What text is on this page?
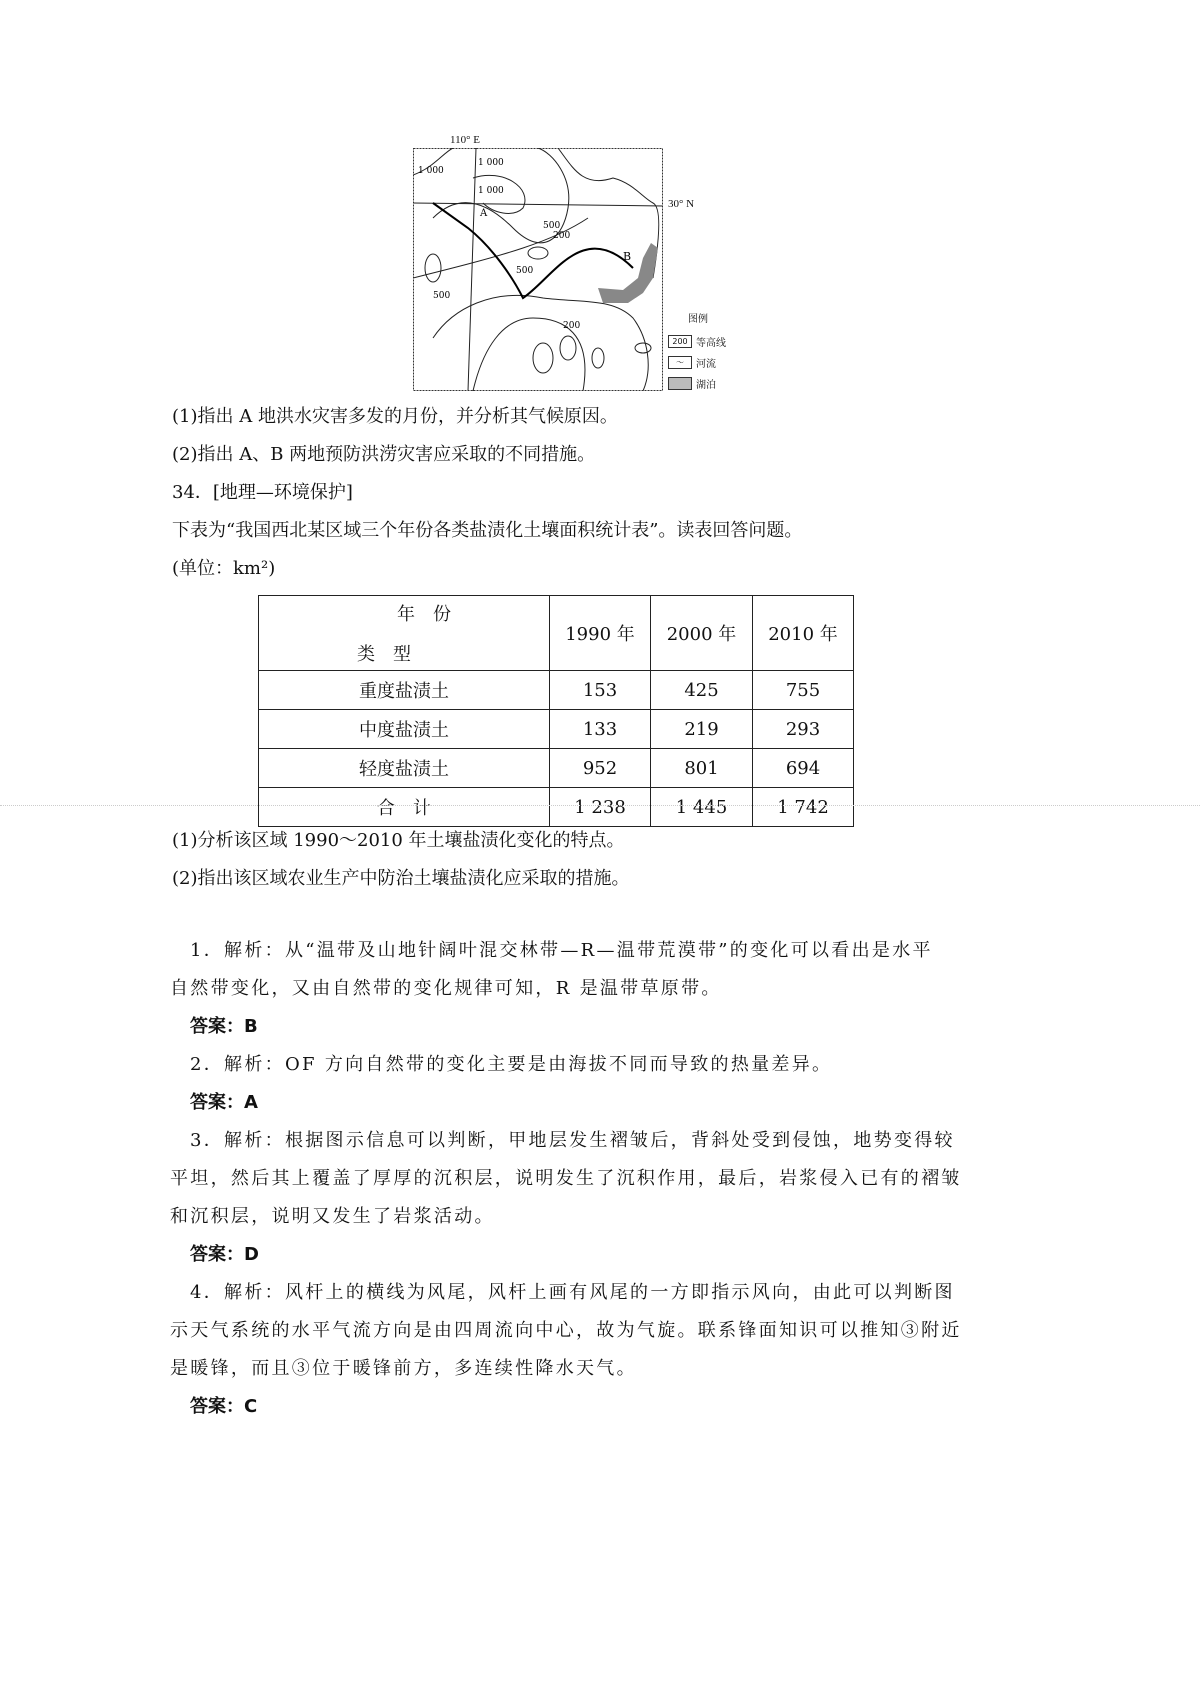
110° E
30° N
A
B
1 000
1 000
1 000
500
200
500
500
200
图例
200 等高线
〜	河流
湖泊
(1)指出 A 地洪水灾害多发的月份，并分析其气候原因。
(2)指出 A、B 两地预防洪涝灾害应采取的不同措施。
34．[地理—环境保护]
下表为“我国西北某区域三个年份各类盐渍化土壤面积统计表”。读表回答问题。
(单位：km²)
年　份
类　型	1990 年	2000 年	2010 年
重度盐渍土	153	425	755
中度盐渍土	133	219	293
轻度盐渍土	952	801	694
合　计	1 238	1 445	1 742
(1)分析该区域 1990～2010 年土壤盐渍化变化的特点。
(2)指出该区域农业生产中防治土壤盐渍化应采取的措施。
1．解析：从“温带及山地针阔叶混交林带—R—温带荒漠带”的变化可以看出是水平
自然带变化，又由自然带的变化规律可知，R 是温带草原带。
答案：B
2．解析：OF 方向自然带的变化主要是由海拔不同而导致的热量差异。
答案：A
3．解析：根据图示信息可以判断，甲地层发生褶皱后，背斜处受到侵蚀，地势变得较
平坦，然后其上覆盖了厚厚的沉积层，说明发生了沉积作用，最后，岩浆侵入已有的褶皱
和沉积层，说明又发生了岩浆活动。
答案：D
4．解析：风杆上的横线为风尾，风杆上画有风尾的一方即指示风向，由此可以判断图
示天气系统的水平气流方向是由四周流向中心，故为气旋。联系锋面知识可以推知③附近
是暖锋，而且③位于暖锋前方，多连续性降水天气。
答案：C
